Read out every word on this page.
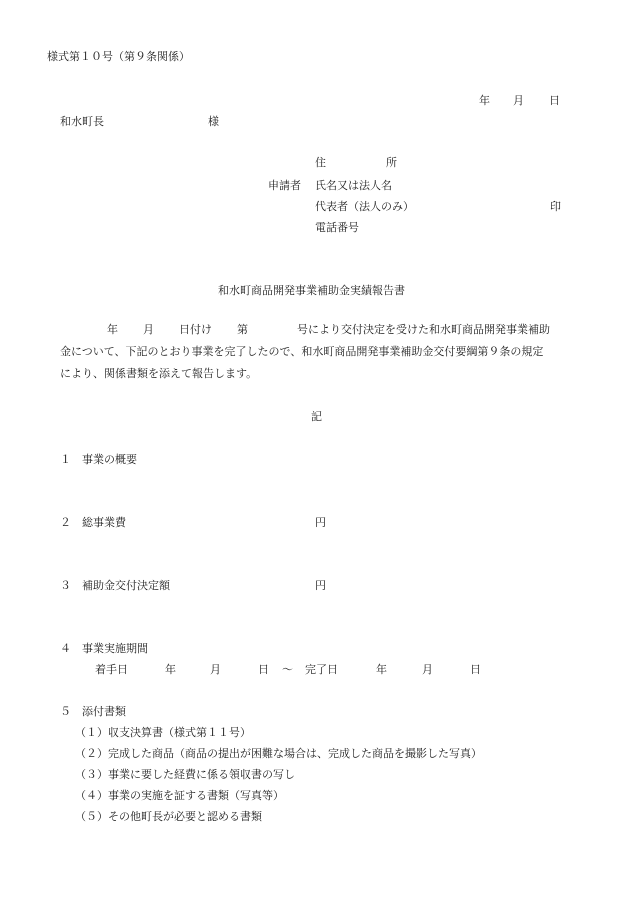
様式第１０号（第９条関係）
年 月 日
和水町長	様
住	所
申請者 氏名又は法人名
代表者（法人のみ）	印
電話番号
和水町商品開発事業補助金実績報告書
年 月 日付け 第	号により交付決定を受けた和水町商品開発事業補助
金について、下記のとおり事業を完了したので、和水町商品開発事業補助金交付要綱第９条の規定
により、関係書類を添えて報告します。
記
１ 事業の概要
２ 総事業費	円
３ 補助金交付決定額	円
４ 事業実施期間
着手日	年	月	日 ～ 完了日	年	月	日
５ 添付書類
（１）収支決算書（様式第１１号）
（２）完成した商品（商品の提出が困難な場合は、完成した商品を撮影した写真）
（３）事業に要した経費に係る領収書の写し
（４）事業の実施を証する書類（写真等）
（５）その他町長が必要と認める書類
